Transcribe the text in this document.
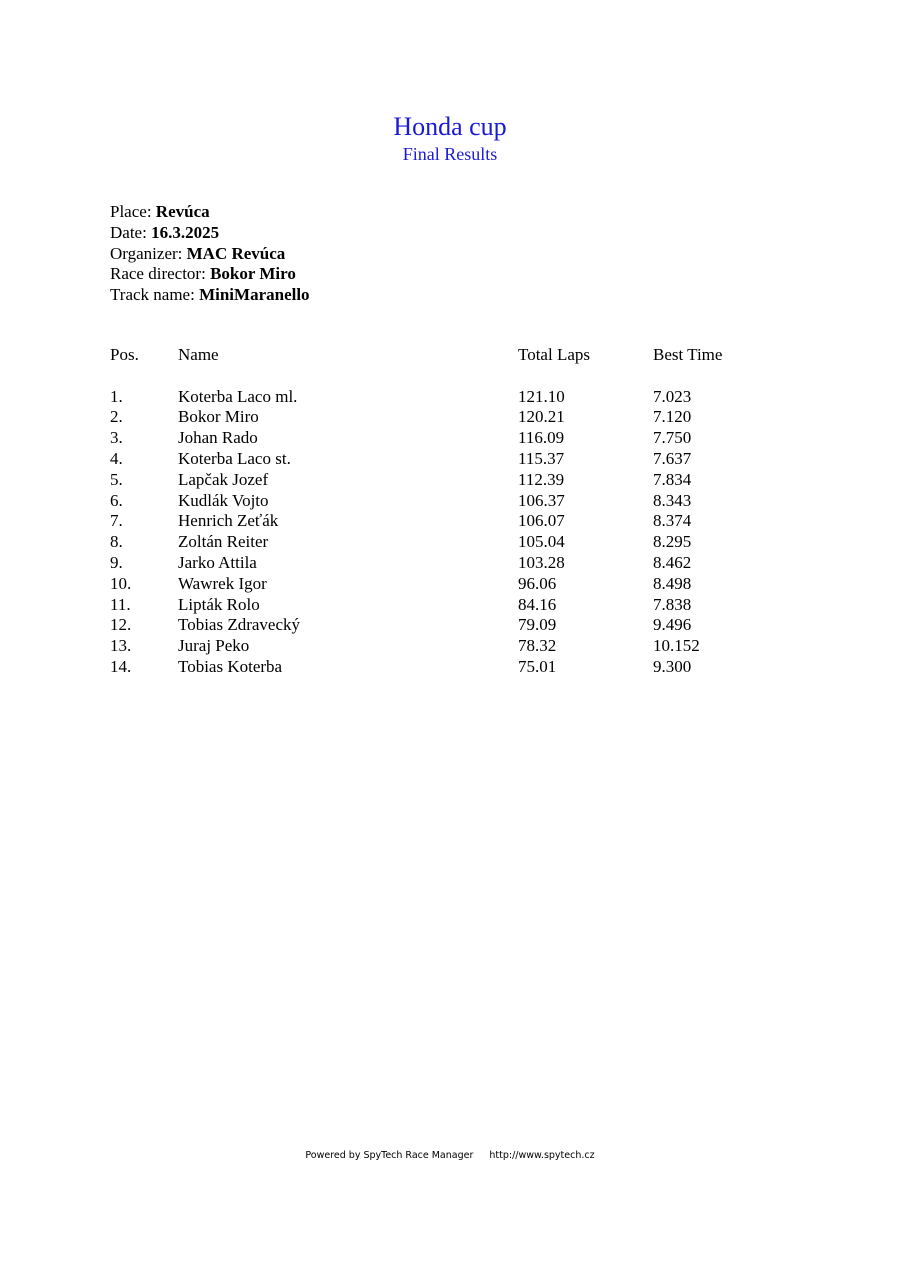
Honda cup
Final Results
Place: Revúca
Date: 16.3.2025
Organizer: MAC Revúca
Race director: Bokor Miro
Track name: MiniMaranello
Pos. Name	Total Laps	Best Time
1.	Koterba Laco ml.	121.10	7.023
2.	Bokor Miro	120.21	7.120
3.	Johan Rado	116.09	7.750
4.	Koterba Laco st.	115.37	7.637
5.	Lapčak Jozef	112.39	7.834
6.	Kudlák Vojto	106.37	8.343
7.	Henrich Zeťák	106.07	8.374
8.	Zoltán Reiter	105.04	8.295
9.	Jarko Attila	103.28	8.462
10.	Wawrek Igor	96.06	8.498
11.	Lipták Rolo	84.16	7.838
12.	Tobias Zdravecký	79.09	9.496
13.	Juraj Peko	78.32	10.152
14.	Tobias Koterba	75.01	9.300
Powered by SpyTech Race Manager http://www.spytech.cz
